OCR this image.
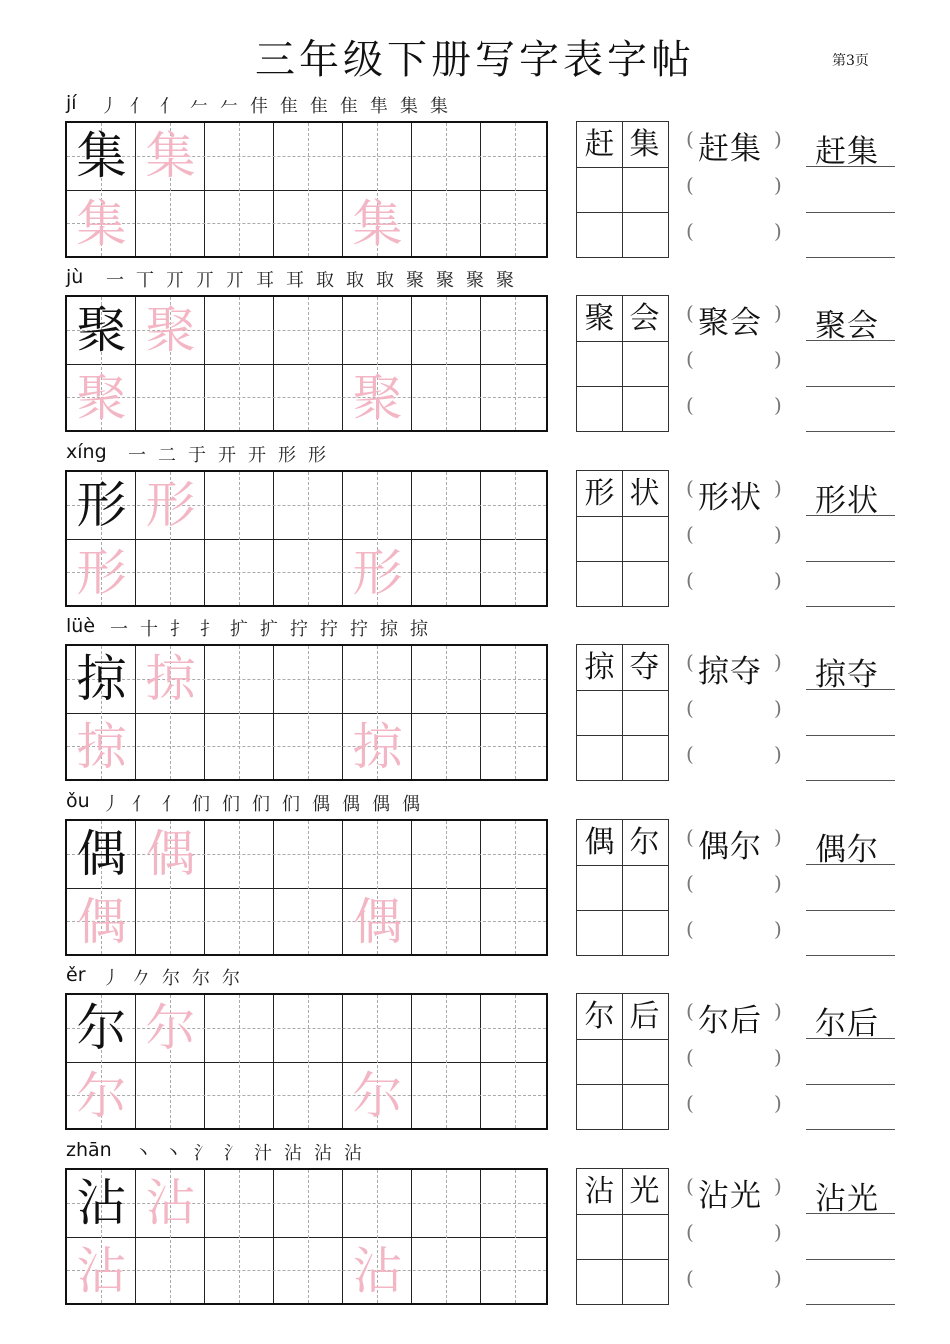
三年级下册写字表字帖	第3页
jí	丿 亻 亻 𠂉 𠂉 仹 隹 隹 隹 隼 集 集
集 集
集	集
赶 集 赶集
(	)
(	)
(	)
赶集
jù	一 丅 丌 丌 丌 耳 耳 取 取 取 聚 聚 聚 聚
聚 聚
聚	聚
聚 会 聚会
(	)
(	)
(	)
聚会
xíng	一 二 于 开 开 形 形
形 形
形	形
形 状 形状
(	)
(	)
(	)
形状
lüè 一 十 扌 扌 扩 扩 拧 拧 拧 掠 掠
掠 掠
掠	掠
掠 夺 掠夺
(	)
(	)
(	)
掠夺
ǒu 丿 亻 亻 们 们 们 们 偶 偶 偶 偶
偶 偶
偶	偶
偶 尔 偶尔
(	)
(	)
(	)
偶尔
ěr 丿 𠂊 尔 尔 尔
尔 尔
尔	尔
尔 后 尔后
(	)
(	)
(	)
尔后
zhān	丶 丶 氵 氵 汁 沾 沾 沾
沾 沾
沾	沾
沾 光 沾光
(	)
(	)
(	)
沾光
